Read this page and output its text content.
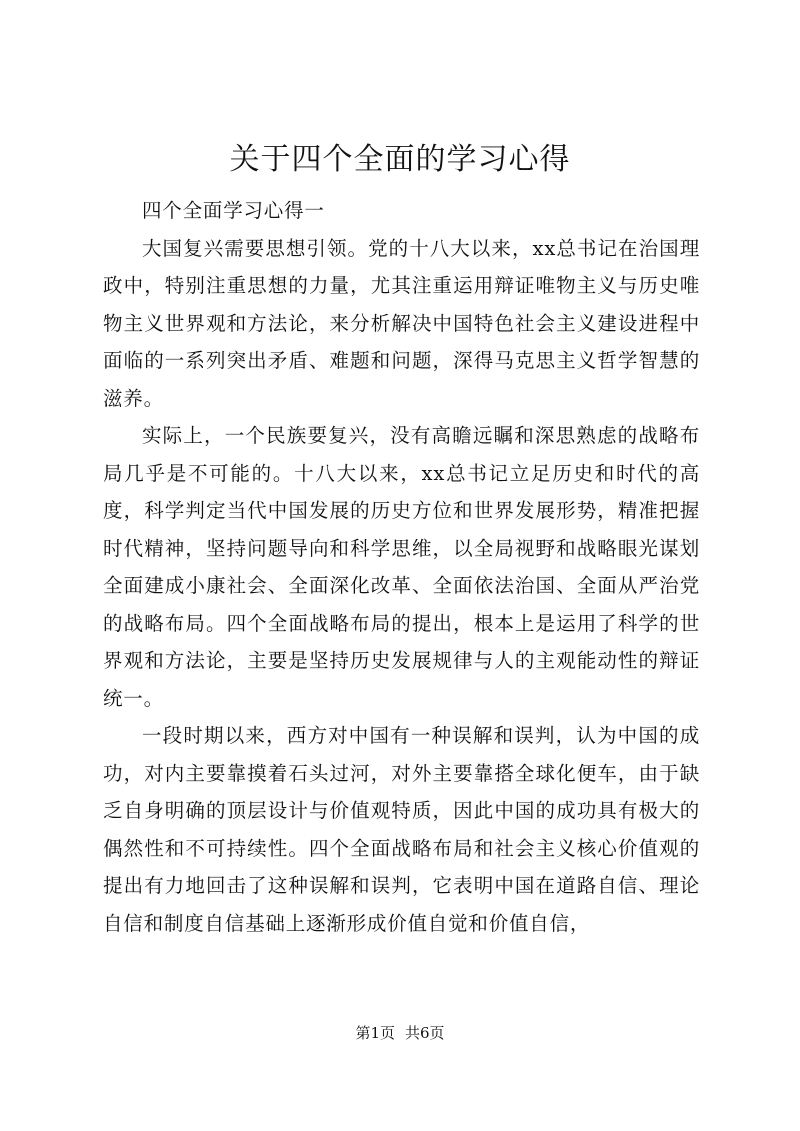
关于四个全面的学习心得

四个全面学习心得一

大国复兴需要思想引领。党的十八大以来，xx总书记在治国理政中，特别注重思想的力量，尤其注重运用辩证唯物主义与历史唯物主义世界观和方法论，来分析解决中国特色社会主义建设进程中面临的一系列突出矛盾、难题和问题，深得马克思主义哲学智慧的滋养。

实际上，一个民族要复兴，没有高瞻远瞩和深思熟虑的战略布局几乎是不可能的。十八大以来，xx总书记立足历史和时代的高度，科学判定当代中国发展的历史方位和世界发展形势，精准把握时代精神，坚持问题导向和科学思维，以全局视野和战略眼光谋划全面建成小康社会、全面深化改革、全面依法治国、全面从严治党的战略布局。四个全面战略布局的提出，根本上是运用了科学的世界观和方法论，主要是坚持历史发展规律与人的主观能动性的辩证统一。

一段时期以来，西方对中国有一种误解和误判，认为中国的成功，对内主要靠摸着石头过河，对外主要靠搭全球化便车，由于缺乏自身明确的顶层设计与价值观特质，因此中国的成功具有极大的偶然性和不可持续性。四个全面战略布局和社会主义核心价值观的提出有力地回击了这种误解和误判，它表明中国在道路自信、理论自信和制度自信基础上逐渐形成价值自觉和价值自信，

第1页 共6页
